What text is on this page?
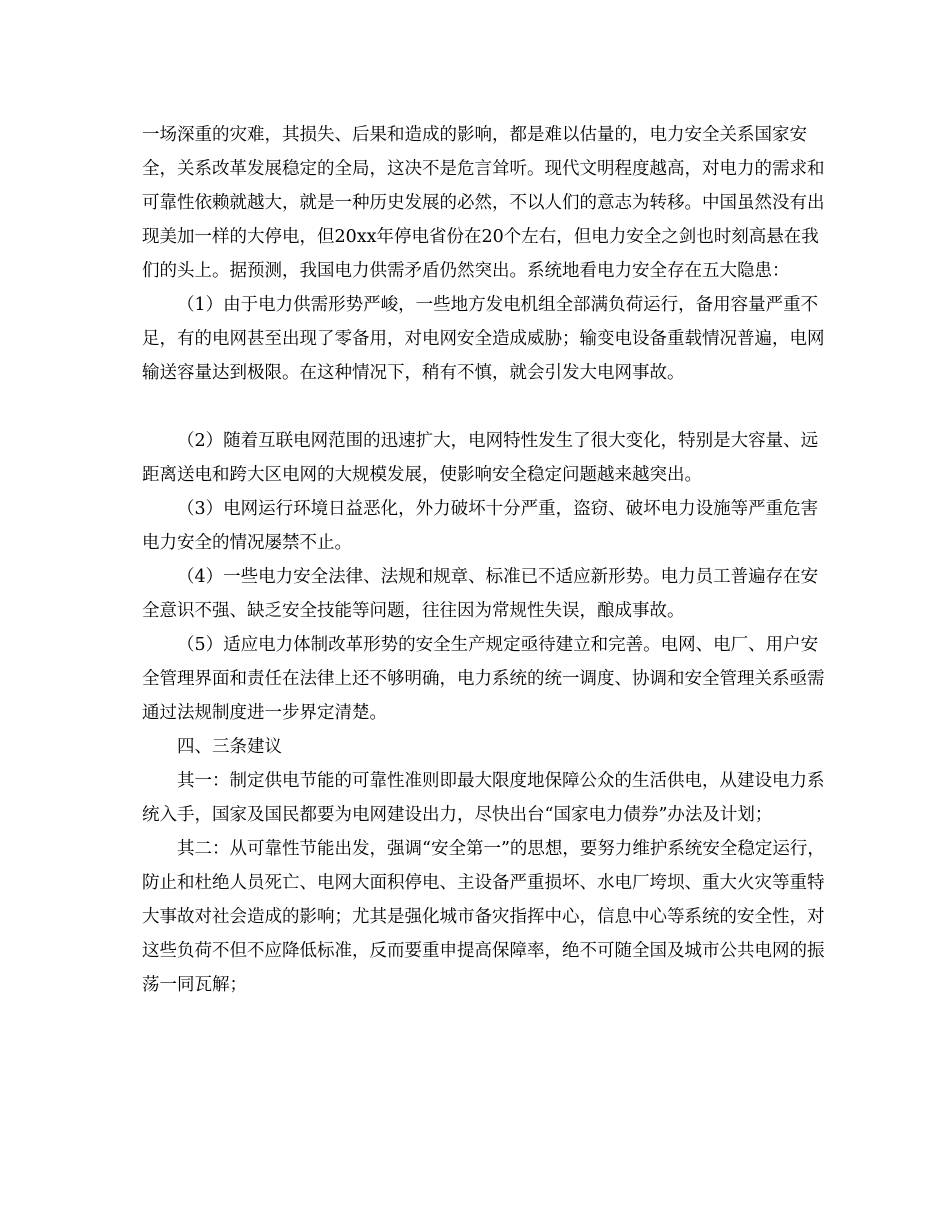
一场深重的灾难，其损失、后果和造成的影响，都是难以估量的，电力安全关系国家安全，关系改革发展稳定的全局，这决不是危言耸听。现代文明程度越高，对电力的需求和可靠性依赖就越大，就是一种历史发展的必然，不以人们的意志为转移。中国虽然没有出现美加一样的大停电，但20xx年停电省份在20个左右，但电力安全之剑也时刻高悬在我们的头上。据预测，我国电力供需矛盾仍然突出。系统地看电力安全存在五大隐患：

（1）由于电力供需形势严峻，一些地方发电机组全部满负荷运行，备用容量严重不足，有的电网甚至出现了零备用，对电网安全造成威胁；输变电设备重载情况普遍，电网输送容量达到极限。在这种情况下，稍有不慎，就会引发大电网事故。

（2）随着互联电网范围的迅速扩大，电网特性发生了很大变化，特别是大容量、远距离送电和跨大区电网的大规模发展，使影响安全稳定问题越来越突出。

（3）电网运行环境日益恶化，外力破坏十分严重，盗窃、破坏电力设施等严重危害电力安全的情况屡禁不止。

（4）一些电力安全法律、法规和规章、标准已不适应新形势。电力员工普遍存在安全意识不强、缺乏安全技能等问题，往往因为常规性失误，酿成事故。

（5）适应电力体制改革形势的安全生产规定亟待建立和完善。电网、电厂、用户安全管理界面和责任在法律上还不够明确，电力系统的统一调度、协调和安全管理关系亟需通过法规制度进一步界定清楚。

四、三条建议

其一：制定供电节能的可靠性准则即最大限度地保障公众的生活供电，从建设电力系统入手，国家及国民都要为电网建设出力，尽快出台“国家电力债券”办法及计划；

其二：从可靠性节能出发，强调“安全第一”的思想，要努力维护系统安全稳定运行，防止和杜绝人员死亡、电网大面积停电、主设备严重损坏、水电厂垮坝、重大火灾等重特大事故对社会造成的影响；尤其是强化城市备灾指挥中心，信息中心等系统的安全性，对这些负荷不但不应降低标准，反而要重申提高保障率，绝不可随全国及城市公共电网的振荡一同瓦解；
